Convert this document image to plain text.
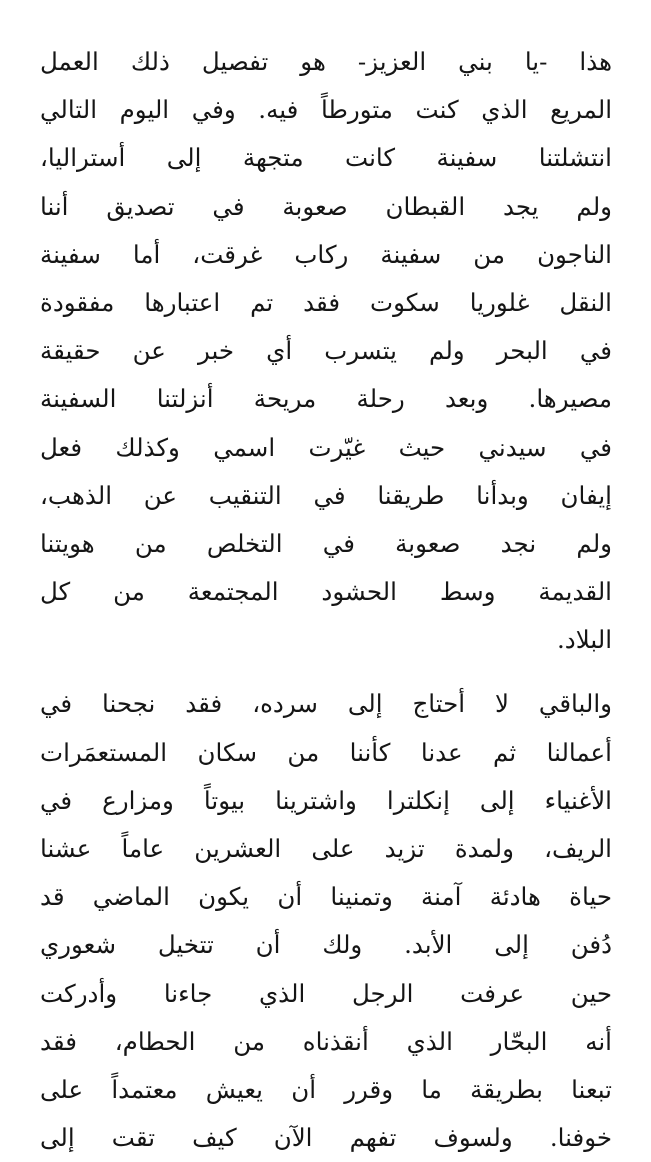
هذا -يا بني العزيز- هو تفصيل ذلك العمل
المريع الذي كنت متورطاً فيه. وفي اليوم التالي
انتشلتنا سفينة كانت متجهة إلى أستراليا،
ولم يجد القبطان صعوبة في تصديق أننا
الناجون من سفينة ركاب غرقت، أما سفينة
النقل غلوريا سكوت فقد تم اعتبارها مفقودة
في البحر ولم يتسرب أي خبر عن حقيقة
مصيرها. وبعد رحلة مريحة أنزلتنا السفينة
في سيدني حيث غيّرت اسمي وكذلك فعل
إيفان وبدأنا طريقنا في التنقيب عن الذهب،
ولم نجد صعوبة في التخلص من هويتنا
القديمة وسط الحشود المجتمعة من كل
البلاد.
والباقي لا أحتاج إلى سرده، فقد نجحنا في
أعمالنا ثم عدنا كأننا من سكان المستعمَرات
الأغنياء إلى إنكلترا واشترينا بيوتاً ومزارع في
الريف، ولمدة تزيد على العشرين عاماً عشنا
حياة هادئة آمنة وتمنينا أن يكون الماضي قد
دُفن إلى الأبد. ولك أن تتخيل شعوري
حين عرفت الرجل الذي جاءنا وأدركت
أنه البحّار الذي أنقذناه من الحطام، فقد
تبعنا بطريقة ما وقرر أن يعيش معتمداً على
خوفنا. ولسوف تفهم الآن كيف تقت إلى
